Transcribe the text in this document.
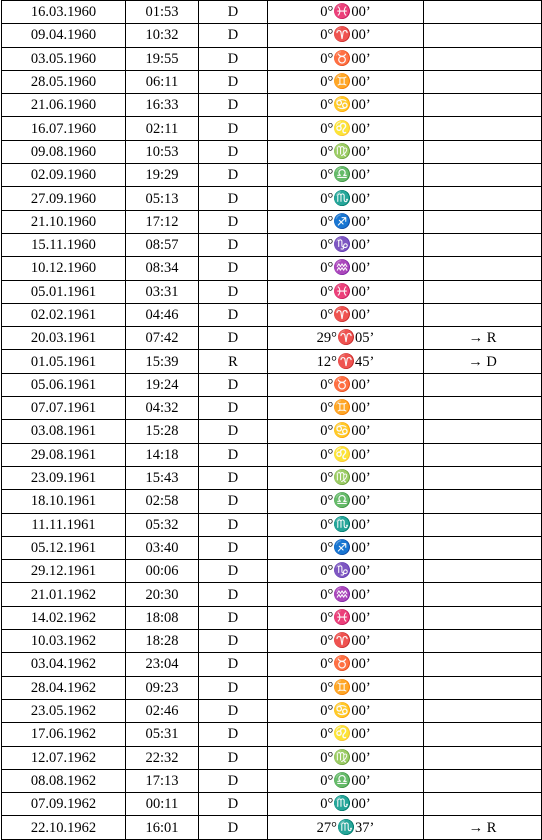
16.03.1960	01:53	D	0°♓00’	
09.04.1960	10:32	D	0°♈00’	
03.05.1960	19:55	D	0°♉00’	
28.05.1960	06:11	D	0°♊00’	
21.06.1960	16:33	D	0°♋00’	
16.07.1960	02:11	D	0°♌00’	
09.08.1960	10:53	D	0°♍00’	
02.09.1960	19:29	D	0°♎00’	
27.09.1960	05:13	D	0°♏00’	
21.10.1960	17:12	D	0°♐00’	
15.11.1960	08:57	D	0°♑00’	
10.12.1960	08:34	D	0°♒00’	
05.01.1961	03:31	D	0°♓00’	
02.02.1961	04:46	D	0°♈00’	
20.03.1961	07:42	D	29°♈05’	→ R
01.05.1961	15:39	R	12°♈45’	→ D
05.06.1961	19:24	D	0°♉00’	
07.07.1961	04:32	D	0°♊00’	
03.08.1961	15:28	D	0°♋00’	
29.08.1961	14:18	D	0°♌00’	
23.09.1961	15:43	D	0°♍00’	
18.10.1961	02:58	D	0°♎00’	
11.11.1961	05:32	D	0°♏00’	
05.12.1961	03:40	D	0°♐00’	
29.12.1961	00:06	D	0°♑00’	
21.01.1962	20:30	D	0°♒00’	
14.02.1962	18:08	D	0°♓00’	
10.03.1962	18:28	D	0°♈00’	
03.04.1962	23:04	D	0°♉00’	
28.04.1962	09:23	D	0°♊00’	
23.05.1962	02:46	D	0°♋00’	
17.06.1962	05:31	D	0°♌00’	
12.07.1962	22:32	D	0°♍00’	
08.08.1962	17:13	D	0°♎00’	
07.09.1962	00:11	D	0°♏00’	
22.10.1962	16:01	D	27°♏37’	→ R
